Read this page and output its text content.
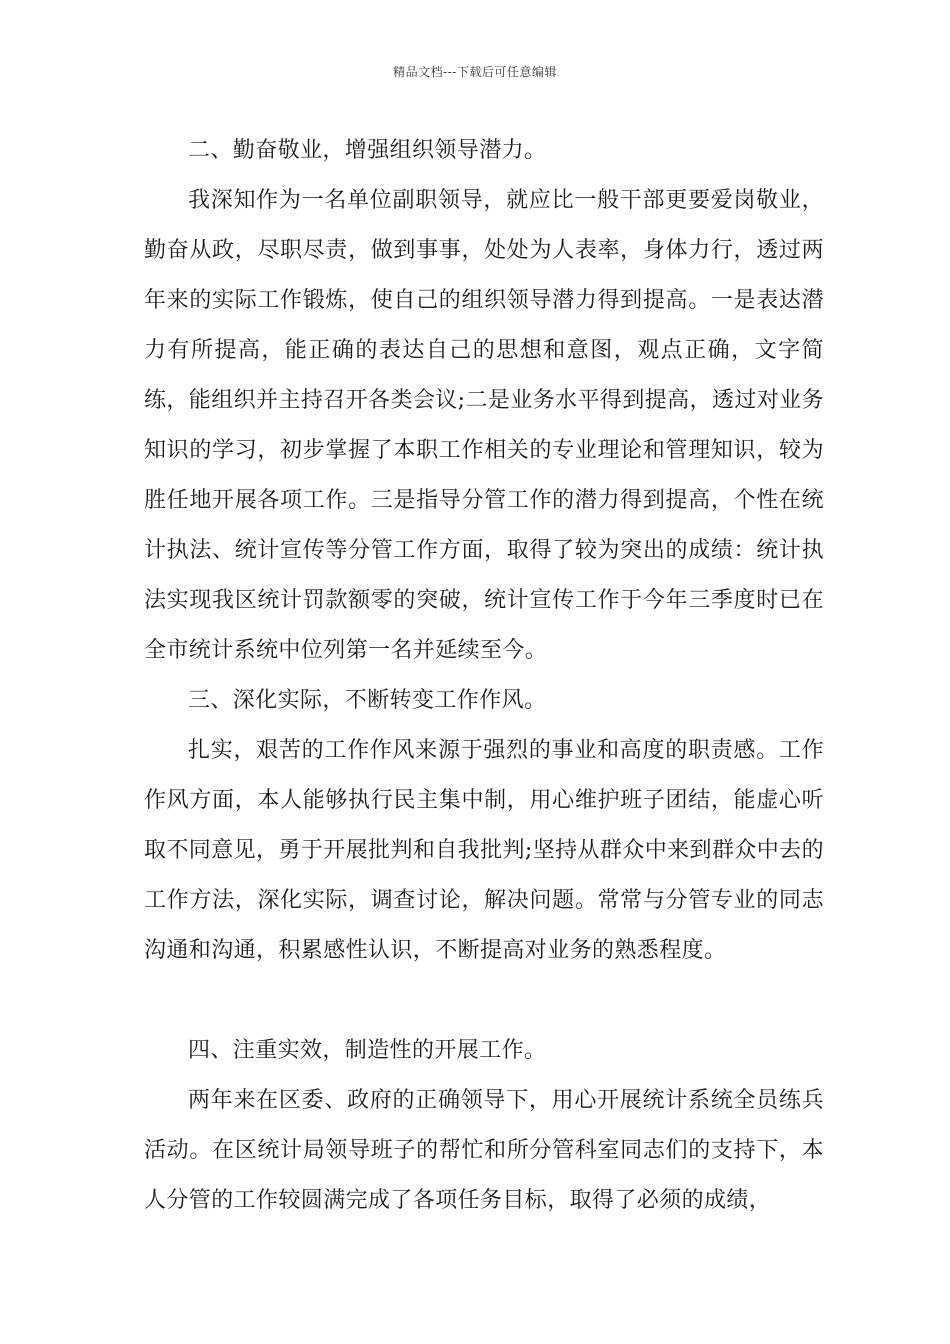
精品文档---下载后可任意编辑

二、勤奋敬业，增强组织领导潜力。

我深知作为一名单位副职领导，就应比一般干部更要爱岗敬业，勤奋从政，尽职尽责，做到事事，处处为人表率，身体力行，透过两年来的实际工作锻炼，使自己的组织领导潜力得到提高。一是表达潜力有所提高，能正确的表达自己的思想和意图，观点正确，文字简练，能组织并主持召开各类会议;二是业务水平得到提高，透过对业务知识的学习，初步掌握了本职工作相关的专业理论和管理知识，较为胜任地开展各项工作。三是指导分管工作的潜力得到提高，个性在统计执法、统计宣传等分管工作方面，取得了较为突出的成绩：统计执法实现我区统计罚款额零的突破，统计宣传工作于今年三季度时已在全市统计系统中位列第一名并延续至今。

三、深化实际，不断转变工作作风。

扎实，艰苦的工作作风来源于强烈的事业和高度的职责感。工作作风方面，本人能够执行民主集中制，用心维护班子团结，能虚心听取不同意见，勇于开展批判和自我批判;坚持从群众中来到群众中去的工作方法，深化实际，调查讨论，解决问题。常常与分管专业的同志沟通和沟通，积累感性认识，不断提高对业务的熟悉程度。

四、注重实效，制造性的开展工作。

两年来在区委、政府的正确领导下，用心开展统计系统全员练兵活动。在区统计局领导班子的帮忙和所分管科室同志们的支持下，本人分管的工作较圆满完成了各项任务目标，取得了必须的成绩，
